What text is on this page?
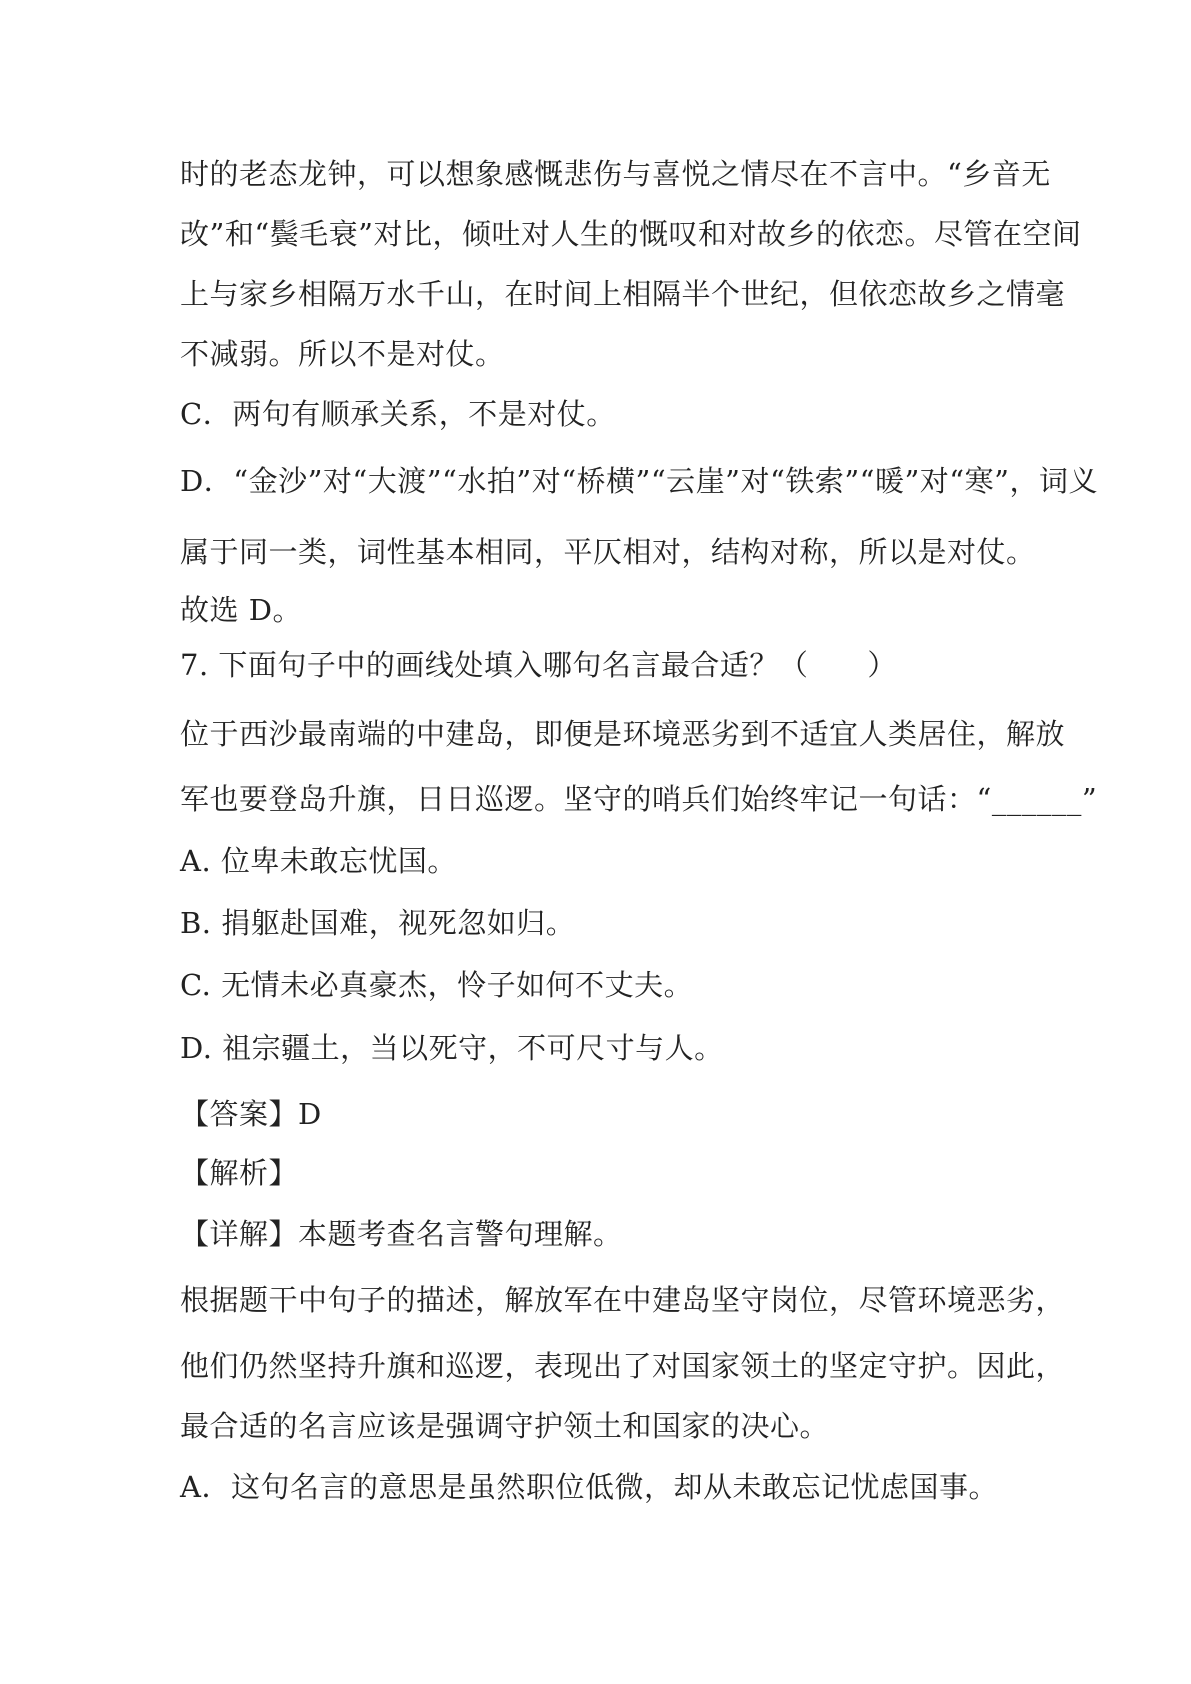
时的老态龙钟，可以想象感慨悲伤与喜悦之情尽在不言中。“乡音无

改”和“鬓毛衰”对比，倾吐对人生的慨叹和对故乡的依恋。尽管在空间

上与家乡相隔万水千山，在时间上相隔半个世纪，但依恋故乡之情毫

不减弱。所以不是对仗。

C．两句有顺承关系，不是对仗。

D．“金沙”对“大渡”“水拍”对“桥横”“云崖”对“铁索”“暖”对“寒”，词义

属于同一类，词性基本相同，平仄相对，结构对称，所以是对仗。

故选 D。

7. 下面句子中的画线处填入哪句名言最合适？（　　）

位于西沙最南端的中建岛，即便是环境恶劣到不适宜人类居住，解放

军也要登岛升旗，日日巡逻。坚守的哨兵们始终牢记一句话：“______”

A. 位卑未敢忘忧国。

B. 捐躯赴国难，视死忽如归。

C. 无情未必真豪杰，怜子如何不丈夫。

D. 祖宗疆土，当以死守，不可尺寸与人。

【答案】D

【解析】

【详解】本题考查名言警句理解。

根据题干中句子的描述，解放军在中建岛坚守岗位，尽管环境恶劣，

他们仍然坚持升旗和巡逻，表现出了对国家领土的坚定守护。因此，

最合适的名言应该是强调守护领土和国家的决心。

A．这句名言的意思是虽然职位低微，却从未敢忘记忧虑国事。
